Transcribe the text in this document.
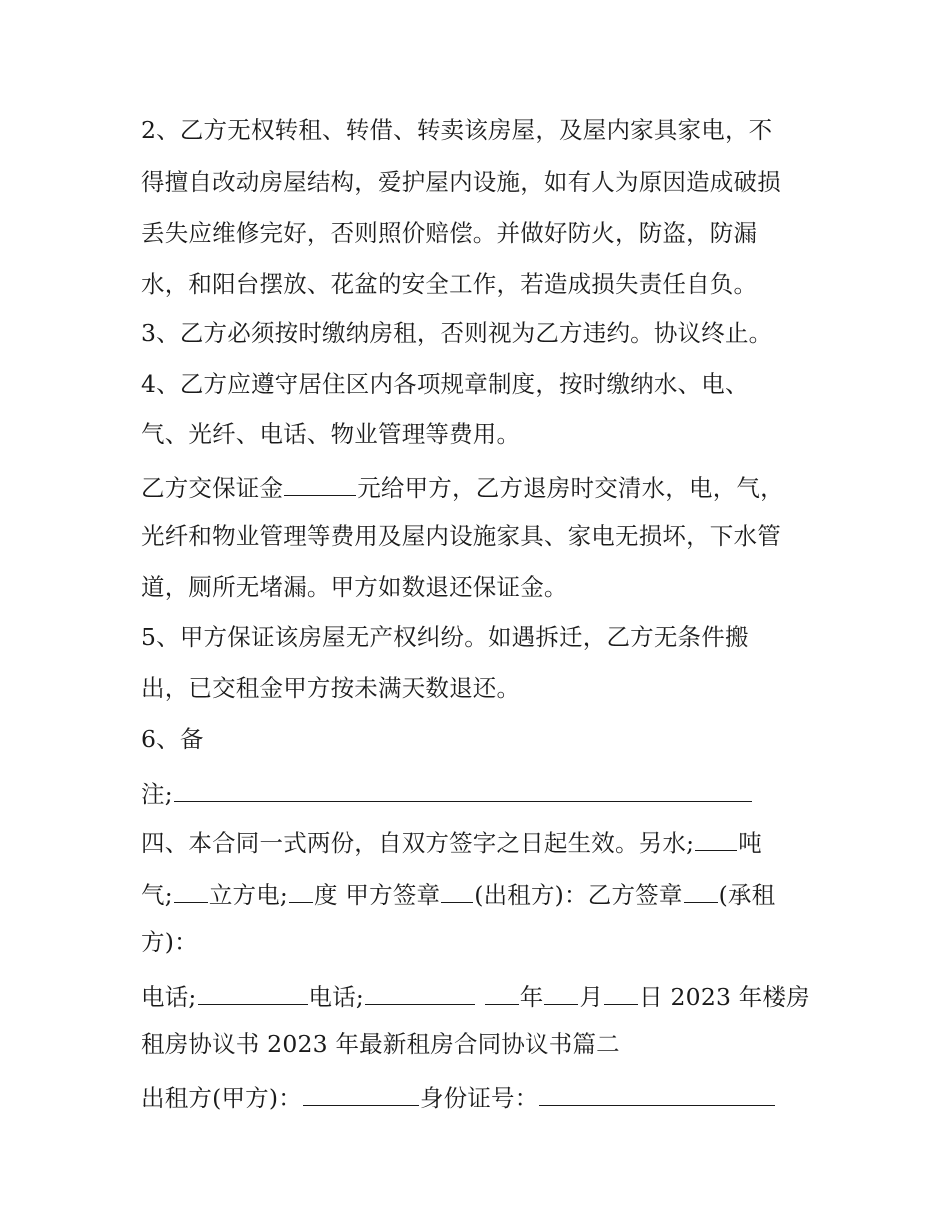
2、乙方无权转租、转借、转卖该房屋，及屋内家具家电，不
得擅自改动房屋结构，爱护屋内设施，如有人为原因造成破损
丢失应维修完好，否则照价赔偿。并做好防火，防盗，防漏
水，和阳台摆放、花盆的安全工作，若造成损失责任自负。
3、乙方必须按时缴纳房租，否则视为乙方违约。协议终止。
4、乙方应遵守居住区内各项规章制度，按时缴纳水、电、
气、光纤、电话、物业管理等费用。
乙方交保证金	元给甲方，乙方退房时交清水，电，气，
光纤和物业管理等费用及屋内设施家具、家电无损坏，下水管
道，厕所无堵漏。甲方如数退还保证金。
5、甲方保证该房屋无产权纠纷。如遇拆迁，乙方无条件搬
出，已交租金甲方按未满天数退还。
6、备
注;
四、本合同一式两份，自双方签字之日起生效。另水; 吨
气; 立方电; 度 甲方签章 (出租方)：乙方签章 (承租
方)：
电话;	电话;	年 月 日 2023 年楼房
租房协议书 2023 年最新租房合同协议书篇二
出租方(甲方)：	身份证号：
